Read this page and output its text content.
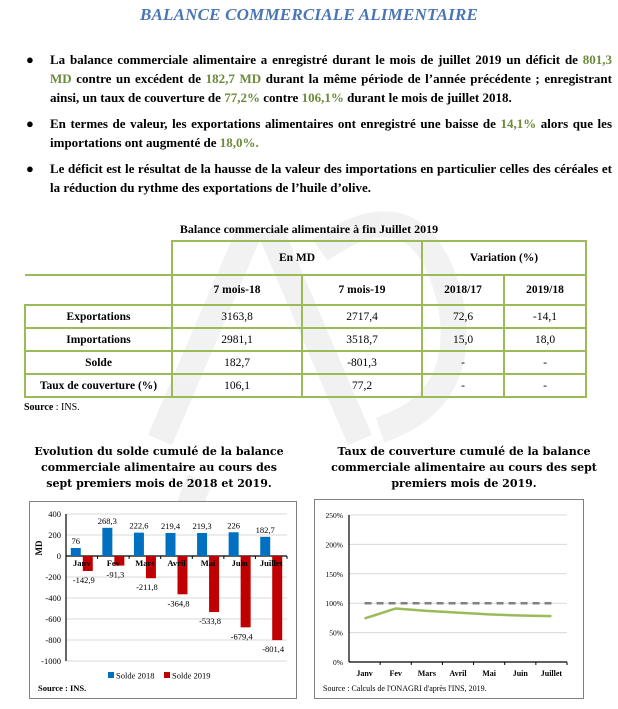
BALANCE COMMERCIALE ALIMENTAIRE
● La balance commerciale alimentaire a enregistré durant le mois de juillet 2019 un déficit de 801,3 MD contre un excédent de 182,7 MD durant la même période de l’année précédente ; enregistrant ainsi, un taux de couverture de 77,2% contre 106,1% durant le mois de juillet 2018.
● En termes de valeur, les exportations alimentaires ont enregistré une baisse de 14,1% alors que les importations ont augmenté de 18,0%.
● Le déficit est le résultat de la hausse de la valeur des importations en particulier celles des céréales et la réduction du rythme des exportations de l’huile d’olive.
Balance commerciale alimentaire à fin Juillet 2019
	En MD		Variation (%)	
	7 mois-18	7 mois-19	2018/17	2019/18
Exportations	3163,8	2717,4	72,6	-14,1
Importations	2981,1	3518,7	15,0	18,0
Solde	182,7	-801,3	-	-
Taux de couverture (%)	106,1	77,2	-	-
Source : INS.
Evolution du solde cumulé de la balance commerciale alimentaire au cours des sept premiers mois de 2018 et 2019.
400
200
0
-200
-400
-600
-800
-1000
MD	76
-142,9
Janv
268,3
-91,3
Fev
222,6
-211,8
Mars
219,4
-364,8
Avril
219,3
-533,8
Mai
226
-679,4
Juin
182,7
-801,4
Juillet
Solde 2018 Solde 2019
Source : INS.
Taux de couverture cumulé de la balance commerciale alimentaire au cours des sept premiers mois de 2019.
0%
50%
100%
150%
200%
250%
Janv Fev Mars Avril Mai Juin Juillet
Source : Calculs de l'ONAGRI d'après l'INS, 2019.
